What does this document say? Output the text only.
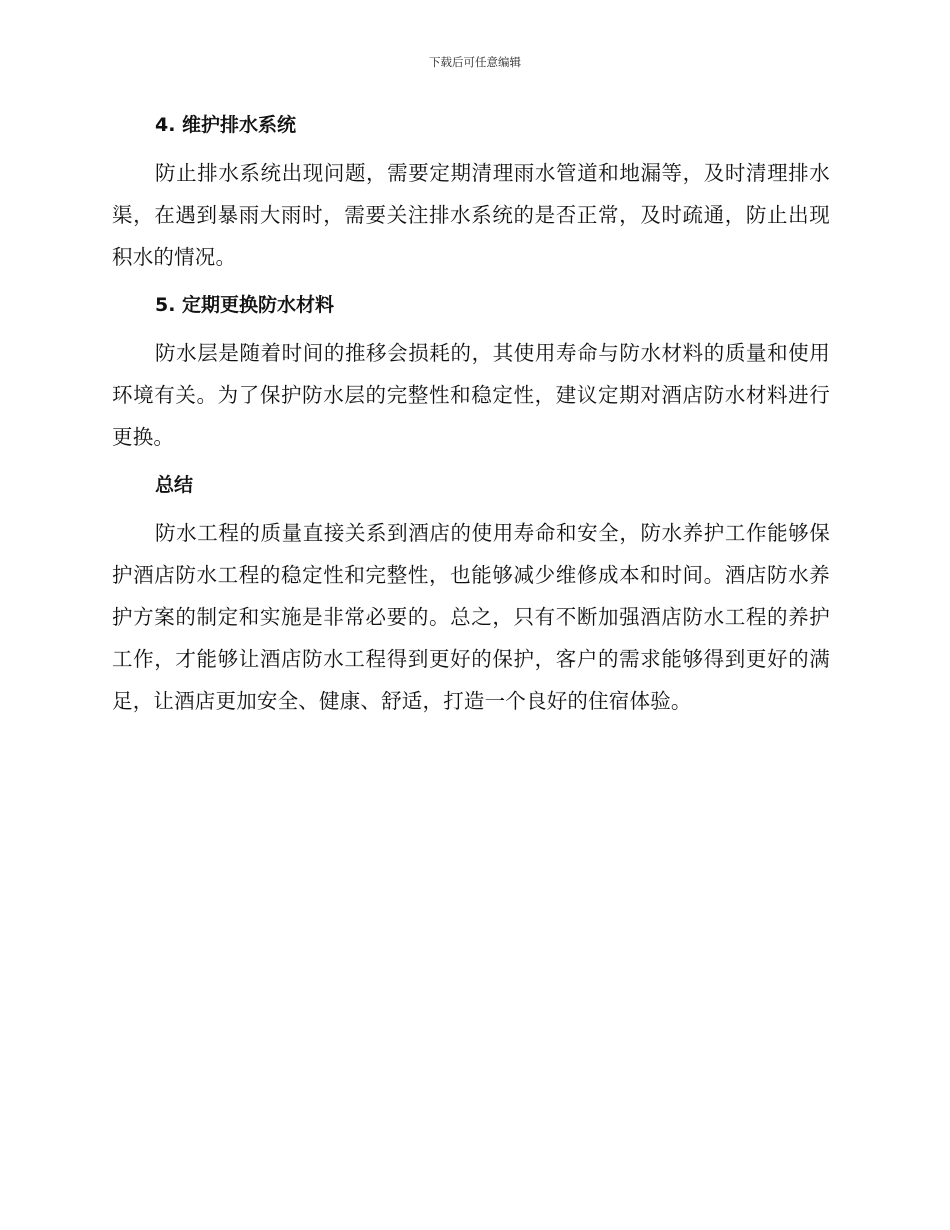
下载后可任意编辑
4. 维护排水系统
防止排水系统出现问题，需要定期清理雨水管道和地漏等，及时清理排水渠，在遇到暴雨大雨时，需要关注排水系统的是否正常，及时疏通，防止出现积水的情况。
5. 定期更换防水材料
防水层是随着时间的推移会损耗的，其使用寿命与防水材料的质量和使用环境有关。为了保护防水层的完整性和稳定性，建议定期对酒店防水材料进行更换。
总结
防水工程的质量直接关系到酒店的使用寿命和安全，防水养护工作能够保护酒店防水工程的稳定性和完整性，也能够减少维修成本和时间。酒店防水养护方案的制定和实施是非常必要的。总之，只有不断加强酒店防水工程的养护工作，才能够让酒店防水工程得到更好的保护，客户的需求能够得到更好的满足，让酒店更加安全、健康、舒适，打造一个良好的住宿体验。
